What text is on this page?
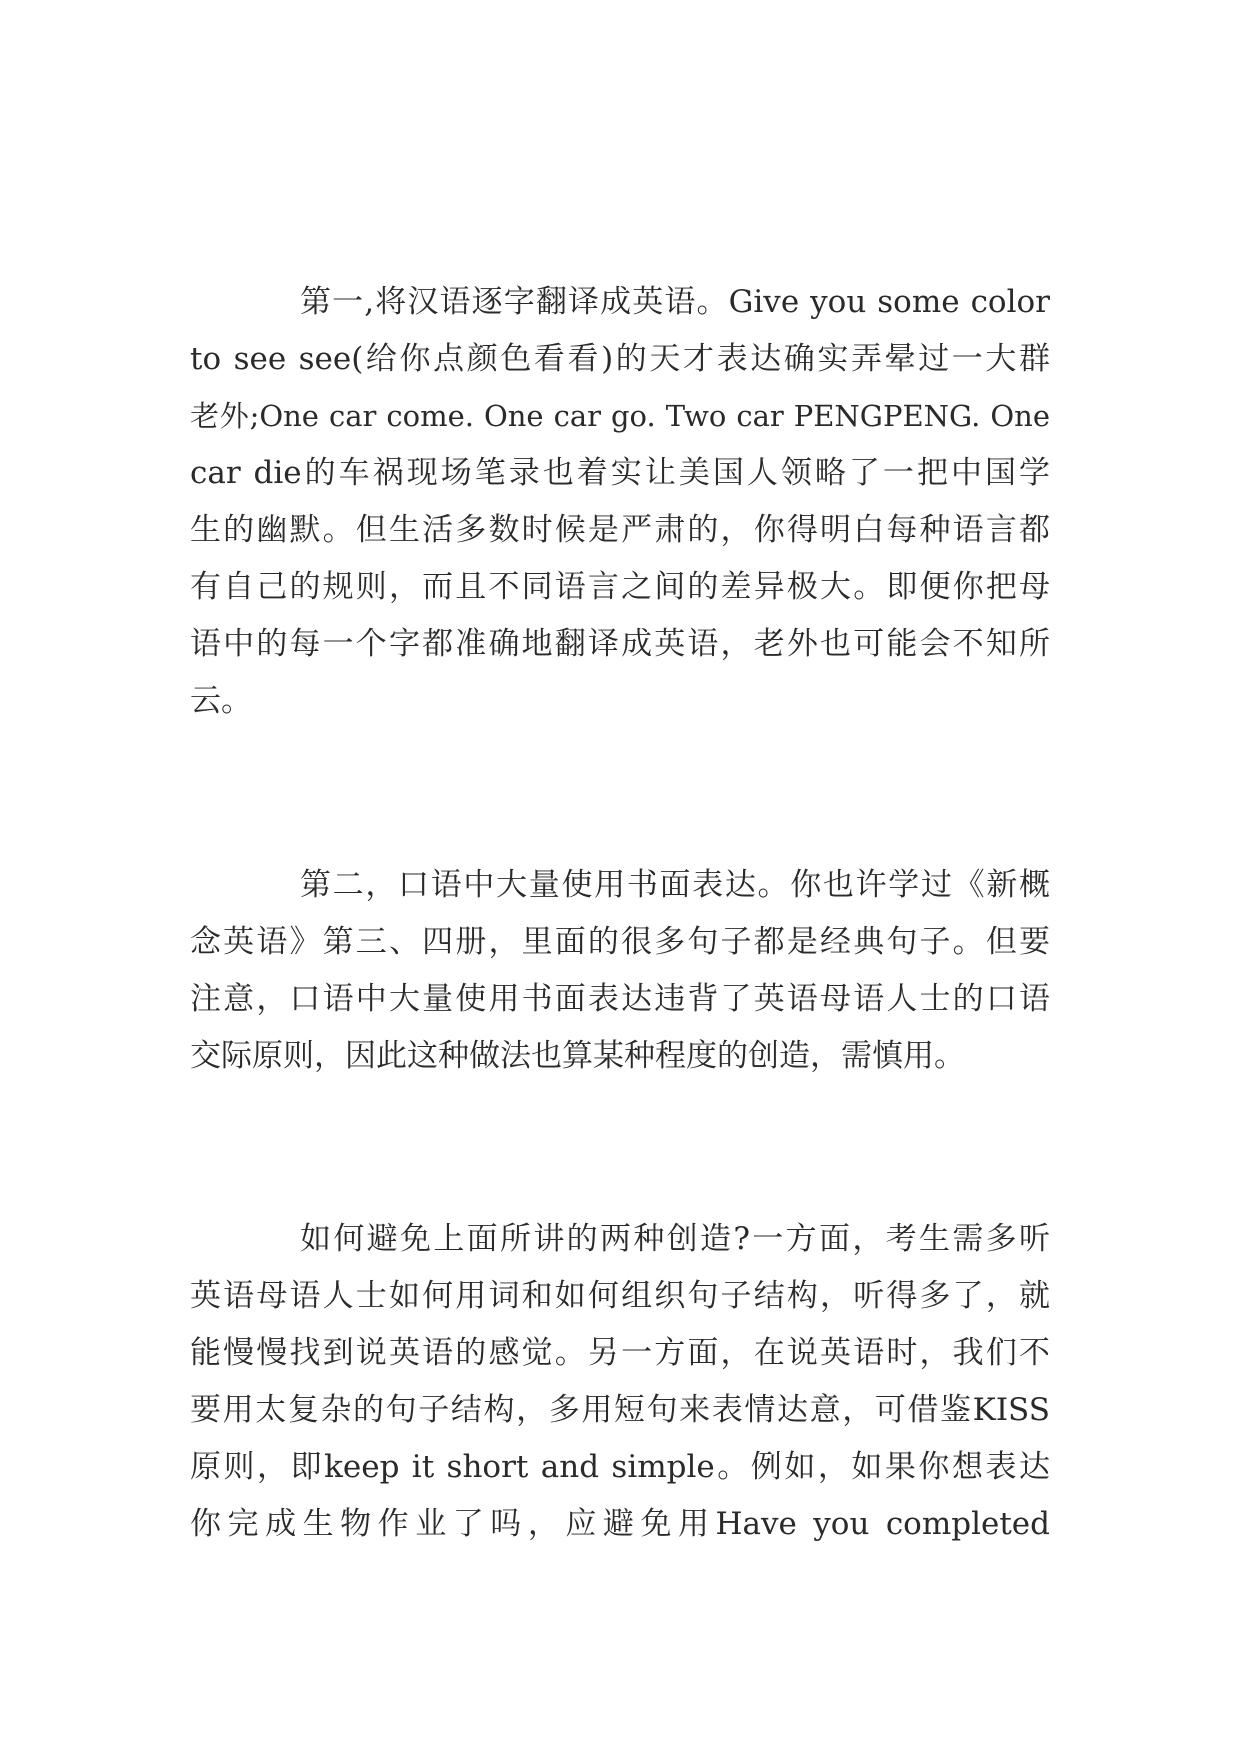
第一,将汉语逐字翻译成英语。Give you some color
to see see(给你点颜色看看)的天才表达确实弄晕过一大群
老外;One car come. One car go. Two car PENGPENG. One
car die的车祸现场笔录也着实让美国人领略了一把中国学
生的幽默。但生活多数时候是严肃的，你得明白每种语言都
有自己的规则，而且不同语言之间的差异极大。即便你把母
语中的每一个字都准确地翻译成英语，老外也可能会不知所
云。
第二，口语中大量使用书面表达。你也许学过《新概
念英语》第三、四册，里面的很多句子都是经典句子。但要
注意，口语中大量使用书面表达违背了英语母语人士的口语
交际原则，因此这种做法也算某种程度的创造，需慎用。
如何避免上面所讲的两种创造?一方面，考生需多听
英语母语人士如何用词和如何组织句子结构，听得多了，就
能慢慢找到说英语的感觉。另一方面，在说英语时，我们不
要用太复杂的句子结构，多用短句来表情达意，可借鉴KISS
原则，即keep it short and simple。例如，如果你想表达
你完成生物作业了吗，应避免用Have you completed
